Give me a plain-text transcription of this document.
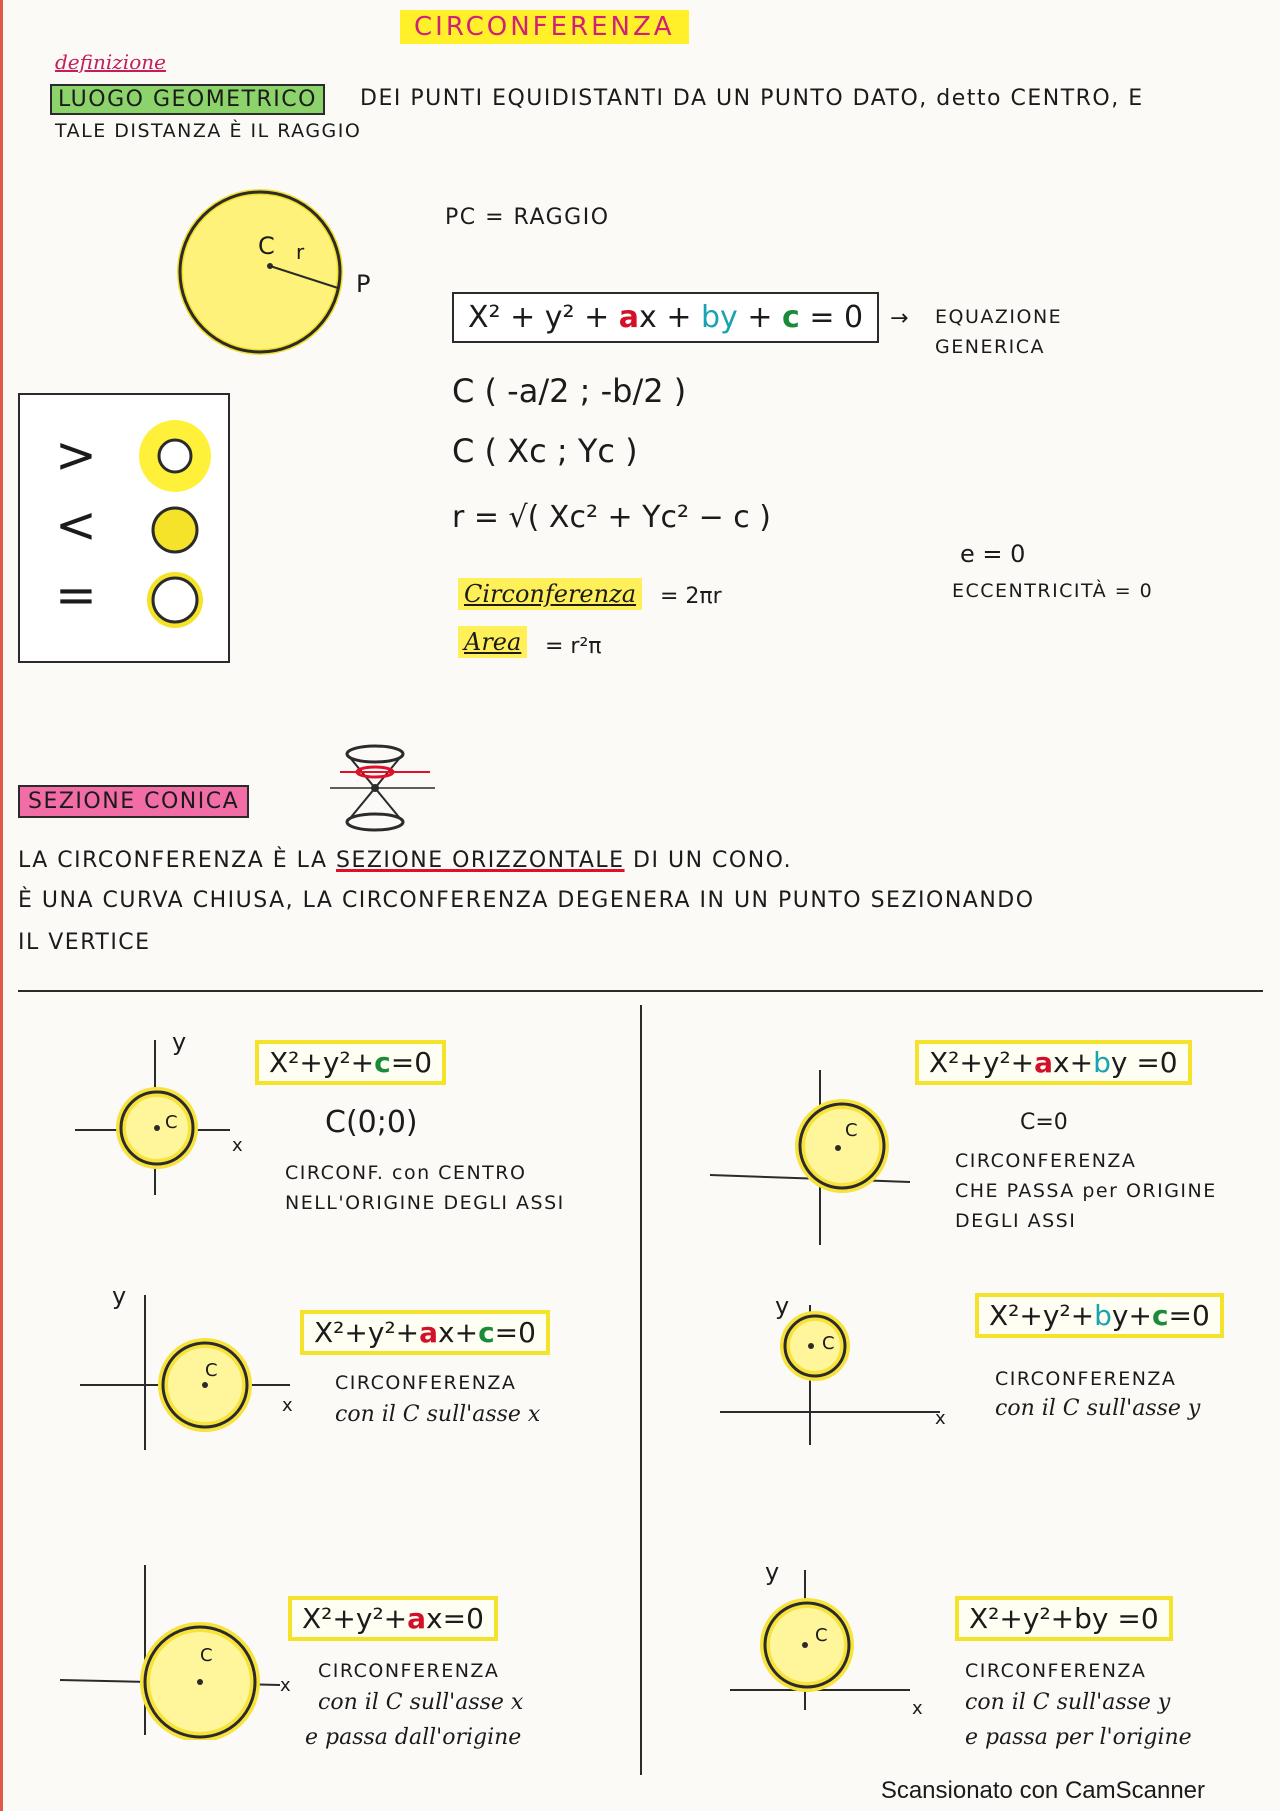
CIRCONFERENZA
definizione
LUOGO GEOMETRICO	DEI PUNTI EQUIDISTANTI DA UN PUNTO DATO, detto CENTRO, E
TALE DISTANZA È IL RAGGIO
C r
P
PC = RAGGIO
X² + y² + ax + by + c = 0	→ EQUAZIONE
GENERICA
C ( -a/2 ; -b/2 )
C ( Xc ; Yc )
r = √( Xc² + Yc² − c )
Circonferenza = 2πr
Area = r²π
e = 0
ECCENTRICITÀ = 0
>
<
=
SEZIONE CONICA
LA CIRCONFERENZA È LA SEZIONE ORIZZONTALE DI UN CONO.
È UNA CURVA CHIUSA, LA CIRCONFERENZA DEGENERA IN UN PUNTO SEZIONANDO
IL VERTICE
y
x
C
X²+y²+c=0
C(0;0)
CIRCONF. con CENTRO
NELL'ORIGINE DEGLI ASSI
C
X²+y²+ax+by =0
C=0
CIRCONFERENZA
CHE PASSA per ORIGINE
DEGLI ASSI
y
x
C
X²+y²+ax+c=0
CIRCONFERENZA
con il C sull'asse x
y
x
C
X²+y²+by+c=0
CIRCONFERENZA
con il C sull'asse y
x
C
X²+y²+ax=0
CIRCONFERENZA
con il C sull'asse x
e passa dall'origine
y
x
C
X²+y²+by =0
CIRCONFERENZA
con il C sull'asse y
e passa per l'origine
Scansionato con CamScanner
